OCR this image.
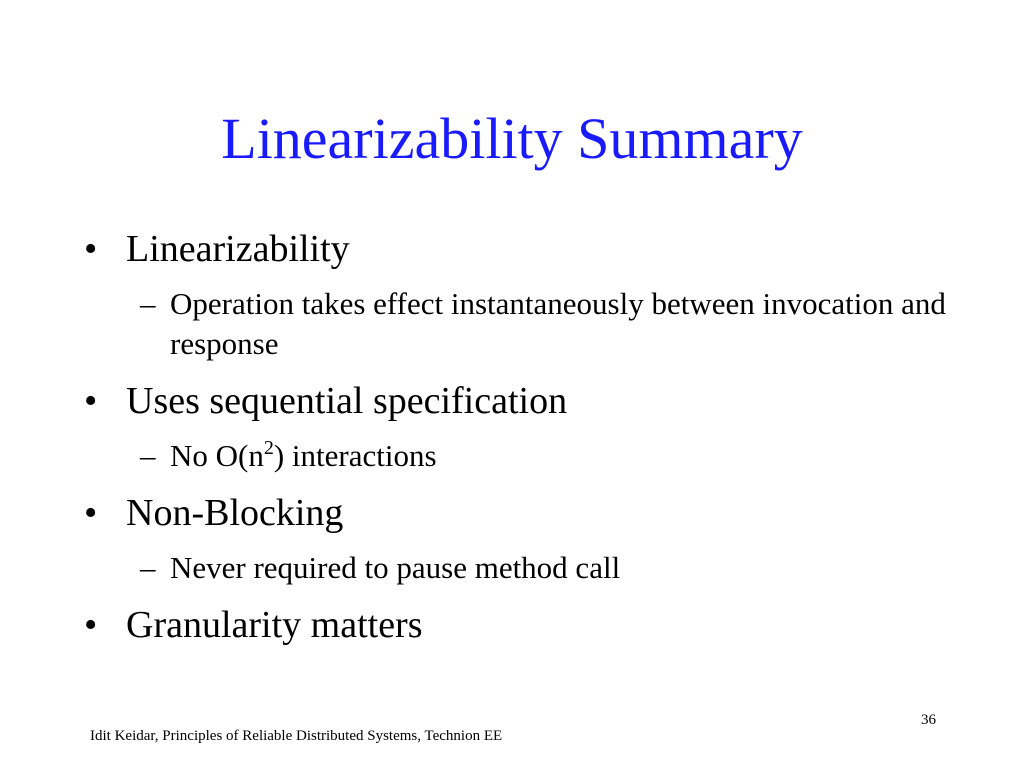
Linearizability Summary
• Linearizability
– Operation takes effect instantaneously between invocation and response
• Uses sequential specification
– No $O(n^2)$ interactions
• Non-Blocking
– Never required to pause method call
• Granularity matters
36
Idit Keidar, Principles of Reliable Distributed Systems, Technion EE
